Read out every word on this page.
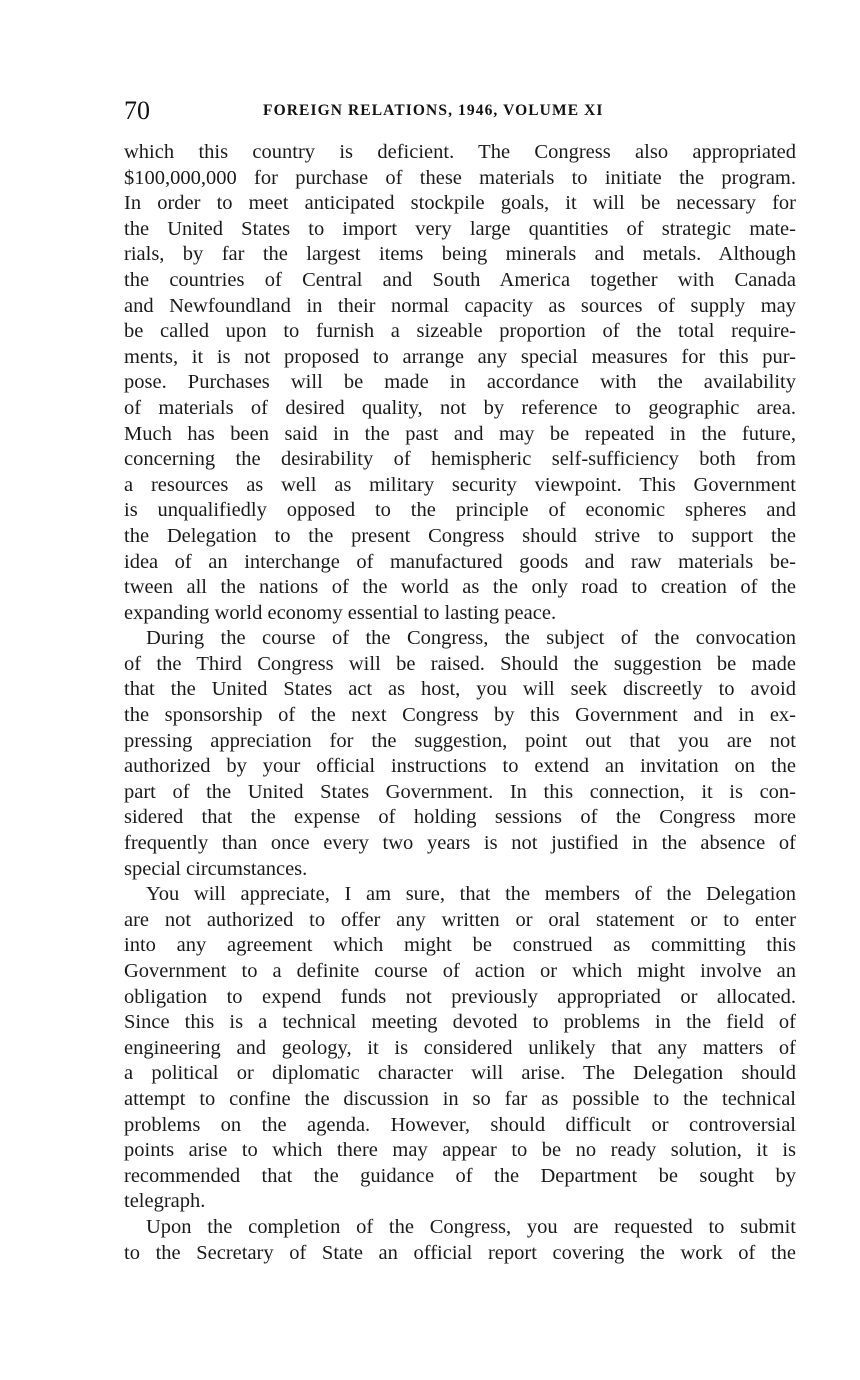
70	FOREIGN RELATIONS, 1946, VOLUME XI
which this country is deficient. The Congress also appropriated
$100,000,000 for purchase of these materials to initiate the program.
In order to meet anticipated stockpile goals, it will be necessary for
the United States to import very large quantities of strategic mate-
rials, by far the largest items being minerals and metals. Although
the countries of Central and South America together with Canada
and Newfoundland in their normal capacity as sources of supply may
be called upon to furnish a sizeable proportion of the total require-
ments, it is not proposed to arrange any special measures for this pur-
pose. Purchases will be made in accordance with the availability
of materials of desired quality, not by reference to geographic area.
Much has been said in the past and may be repeated in the future,
concerning the desirability of hemispheric self-sufficiency both from
a resources as well as military security viewpoint. This Government
is unqualifiedly opposed to the principle of economic spheres and
the Delegation to the present Congress should strive to support the
idea of an interchange of manufactured goods and raw materials be-
tween all the nations of the world as the only road to creation of the
expanding world economy essential to lasting peace.
During the course of the Congress, the subject of the convocation
of the Third Congress will be raised. Should the suggestion be made
that the United States act as host, you will seek discreetly to avoid
the sponsorship of the next Congress by this Government and in ex-
pressing appreciation for the suggestion, point out that you are not
authorized by your official instructions to extend an invitation on the
part of the United States Government. In this connection, it is con-
sidered that the expense of holding sessions of the Congress more
frequently than once every two years is not justified in the absence of
special circumstances.
You will appreciate, I am sure, that the members of the Delegation
are not authorized to offer any written or oral statement or to enter
into any agreement which might be construed as committing this
Government to a definite course of action or which might involve an
obligation to expend funds not previously appropriated or allocated.
Since this is a technical meeting devoted to problems in the field of
engineering and geology, it is considered unlikely that any matters of
a political or diplomatic character will arise. The Delegation should
attempt to confine the discussion in so far as possible to the technical
problems on the agenda. However, should difficult or controversial
points arise to which there may appear to be no ready solution, it is
recommended that the guidance of the Department be sought by
telegraph.
Upon the completion of the Congress, you are requested to submit
to the Secretary of State an official report covering the work of the
